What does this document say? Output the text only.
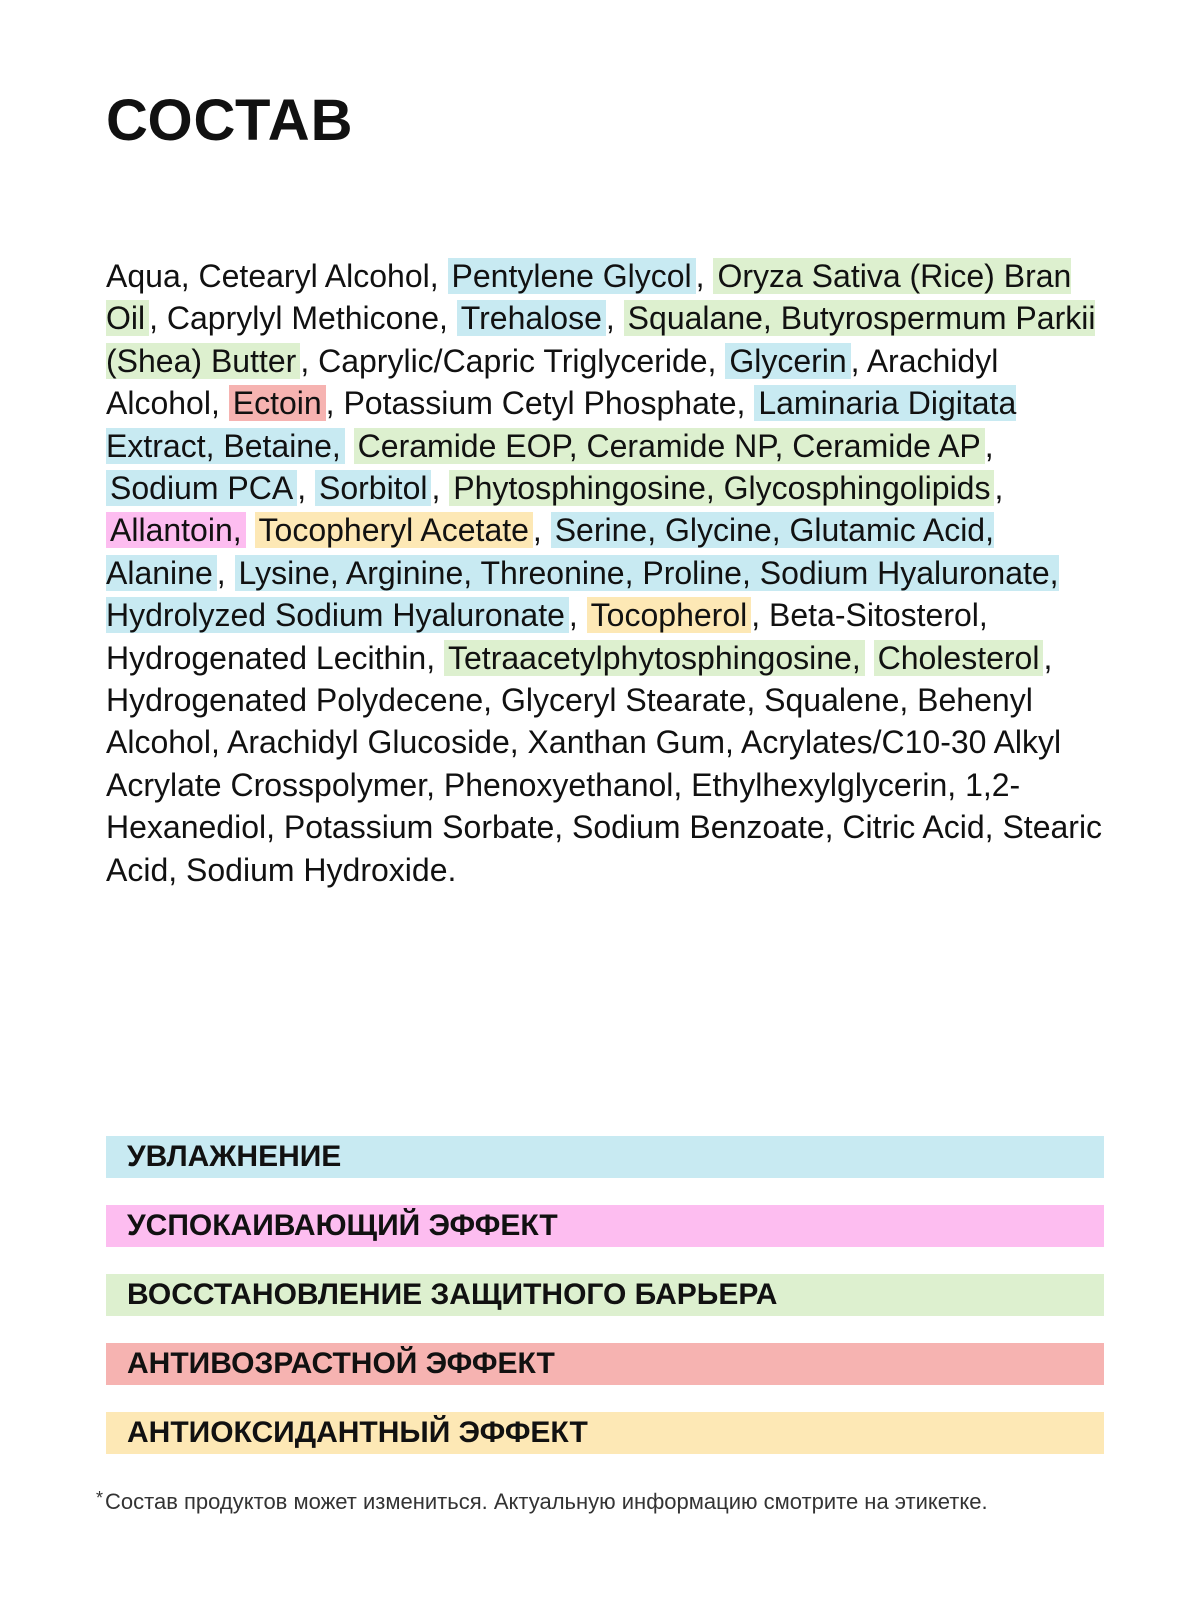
СОСТАВ
Aqua, Cetearyl Alcohol, Pentylene Glycol , Oryza Sativa (Rice) Bran Oil , Caprylyl Methicone, Trehalose , Squalane, Butyrospermum Parkii (Shea) Butter , Caprylic/Capric Triglyceride, Glycerin , Arachidyl Alcohol, Ectoin , Potassium Cetyl Phosphate, Laminaria Digitata Extract, Betaine, Ceramide EOP, Ceramide NP, Ceramide AP , Sodium PCA , Sorbitol , Phytosphingosine, Glycosphingolipids , Allantoin, Tocopheryl Acetate , Serine, Glycine, Glutamic Acid, Alanine , Lysine, Arginine, Threonine, Proline, Sodium Hyaluronate, Hydrolyzed Sodium Hyaluronate , Tocopherol , Beta-Sitosterol, Hydrogenated Lecithin, Tetraacetylphytosphingosine, Cholesterol , Hydrogenated Polydecene, Glyceryl Stearate, Squalene, Behenyl Alcohol, Arachidyl Glucoside, Xanthan Gum, Acrylates/C10-30 Alkyl Acrylate Crosspolymer, Phenoxyethanol, Ethylhexylglycerin, 1,2-Hexanediol, Potassium Sorbate, Sodium Benzoate, Citric Acid, Stearic Acid, Sodium Hydroxide.
УВЛАЖНЕНИЕ
УСПОКАИВАЮЩИЙ ЭФФЕКТ
ВОССТАНОВЛЕНИЕ ЗАЩИТНОГО БАРЬЕРА
АНТИВОЗРАСТНОЙ ЭФФЕКТ
АНТИОКСИДАНТНЫЙ ЭФФЕКТ
* Состав продуктов может измениться. Актуальную информацию смотрите на этикетке.
